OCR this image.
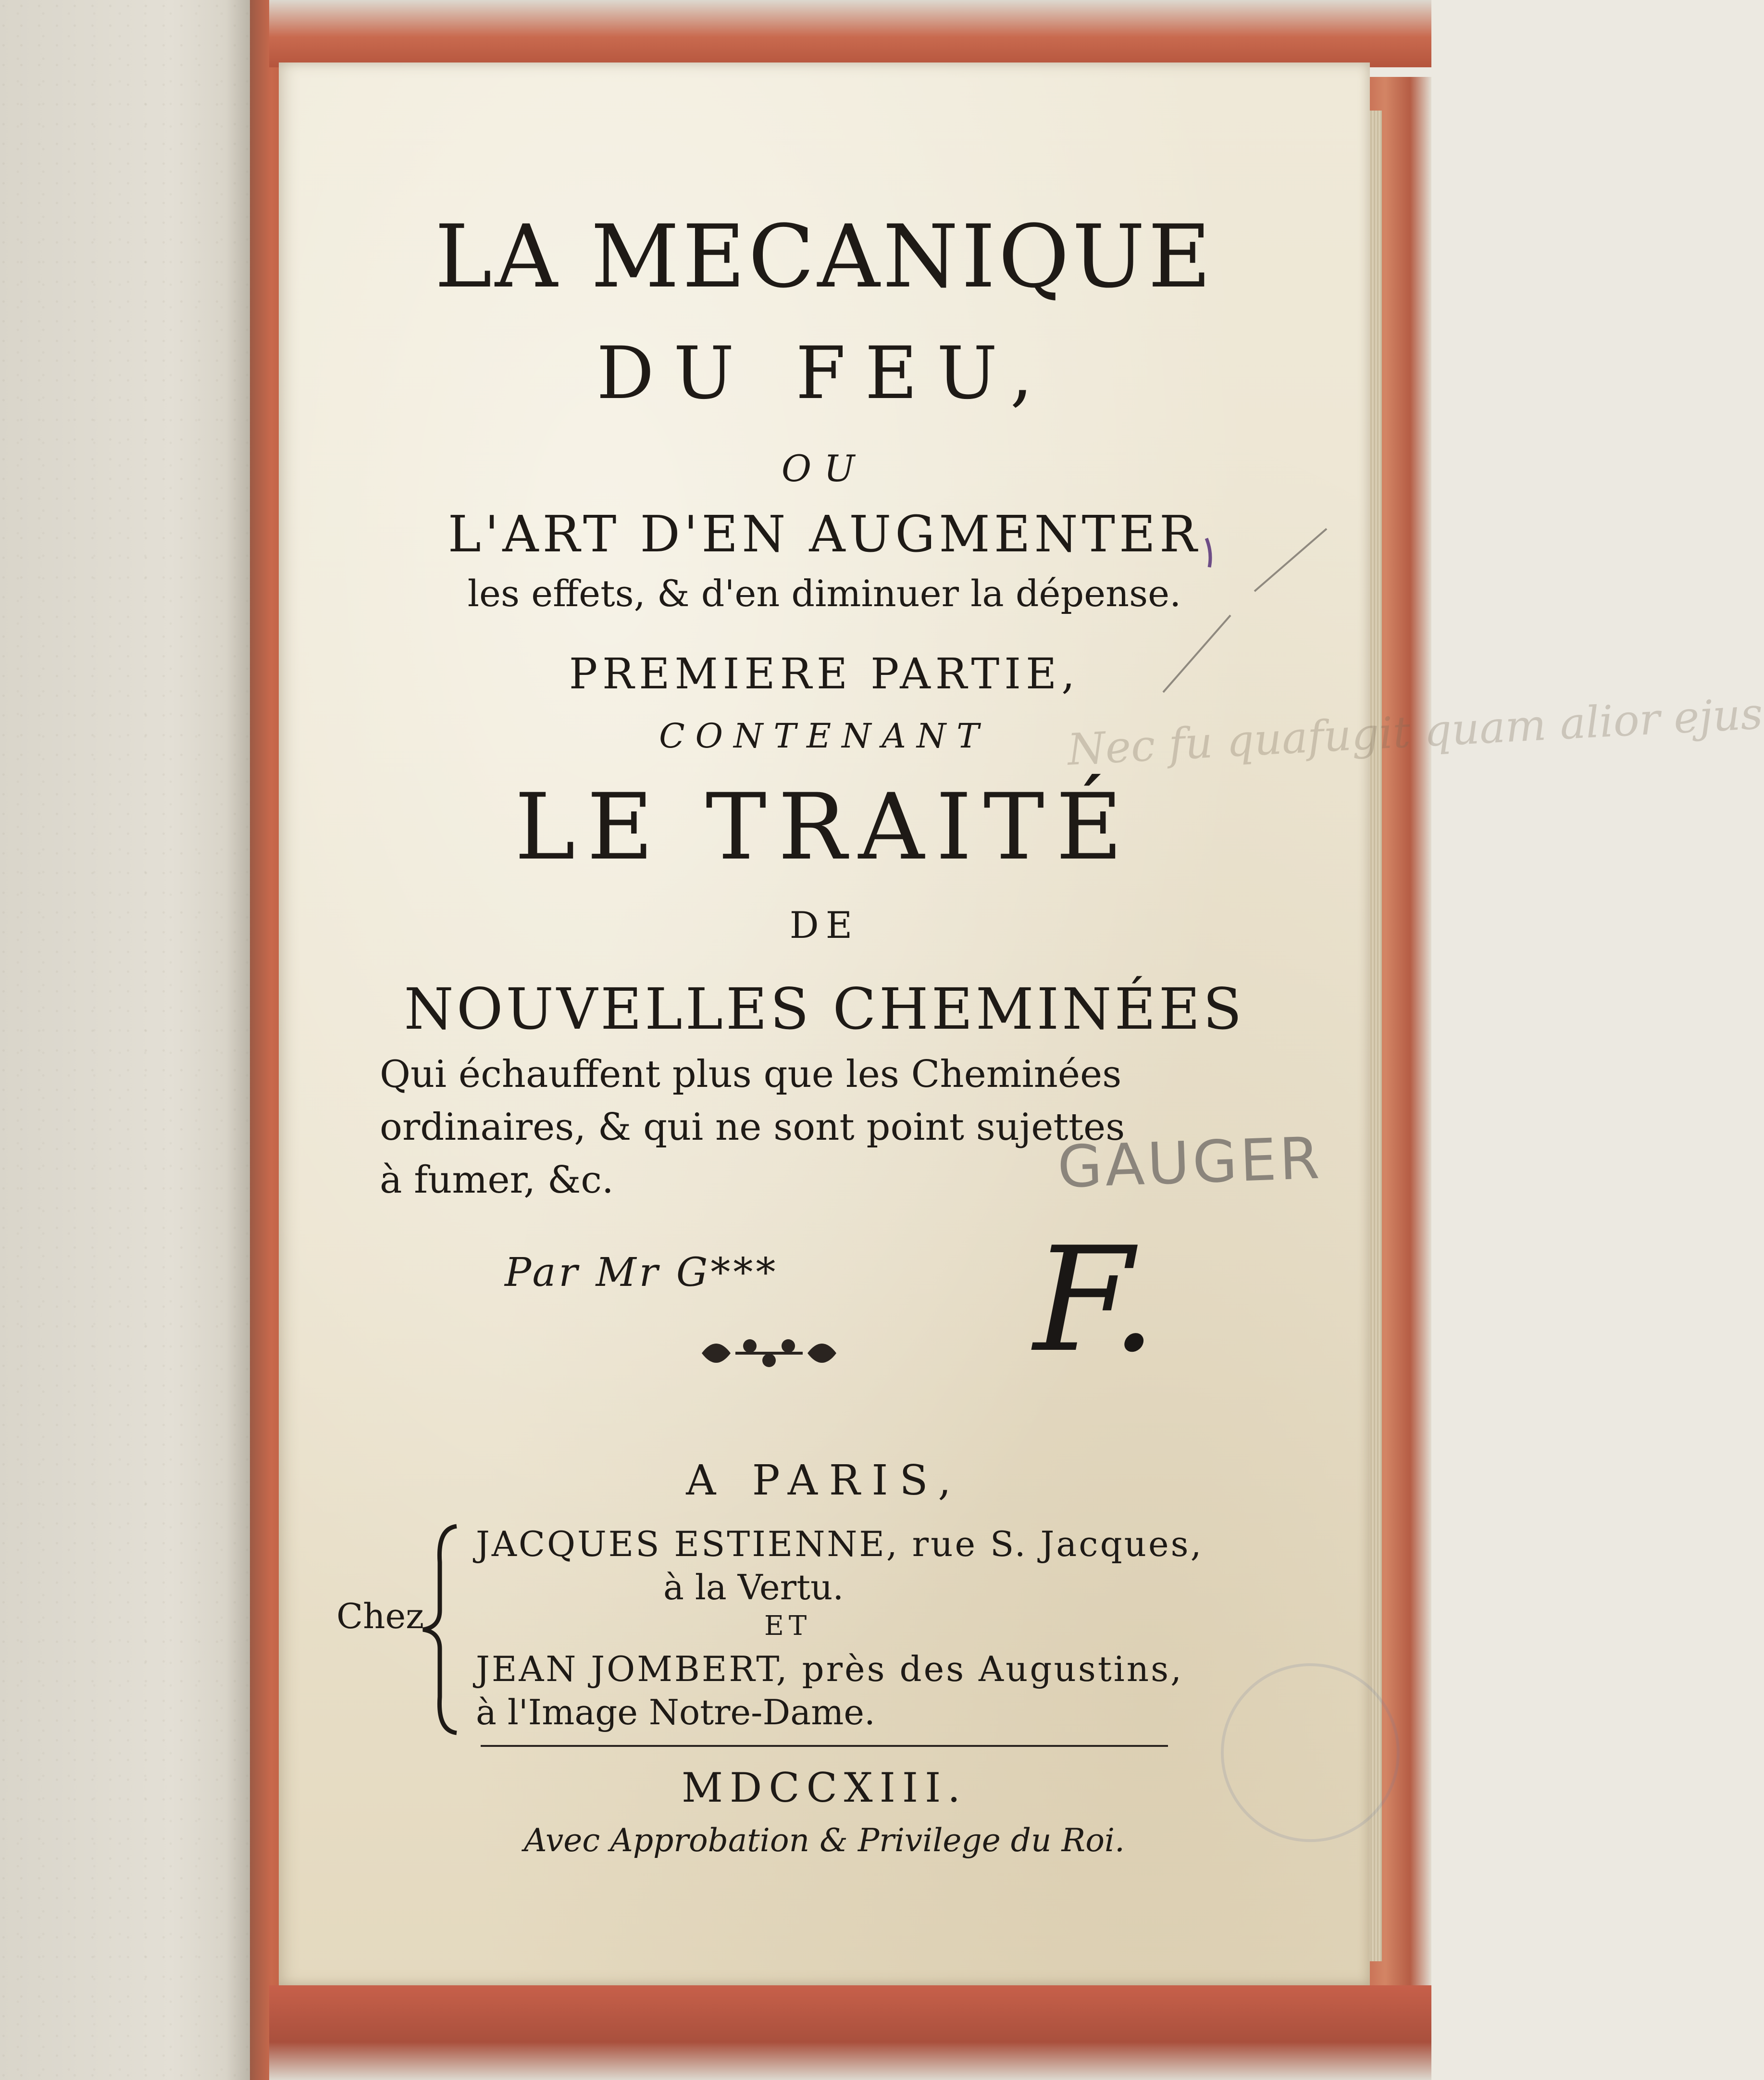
Nec fu quafugit quam alior ejus
LA MECANIQUE
DU FEU,
OU
L'ART D'EN AUGMENTER
les effets, & d'en diminuer la dépense.
PREMIERE PARTIE,
CONTENANT
LE TRAITÉ
DE
NOUVELLES CHEMINÉES
Qui échauffent plus que les Cheminées
ordinaires, & qui ne sont point sujettes
à fumer, &c.	GAUGER
Par Mr G*** F.
A PARIS,
Chez
JACQUES ESTIENNE, rue S. Jacques,
à la Vertu.
ET
JEAN JOMBERT, près des Augustins,
à l'Image Notre-Dame.
MDCCXIII.
Avec Approbation & Privilege du Roi.
